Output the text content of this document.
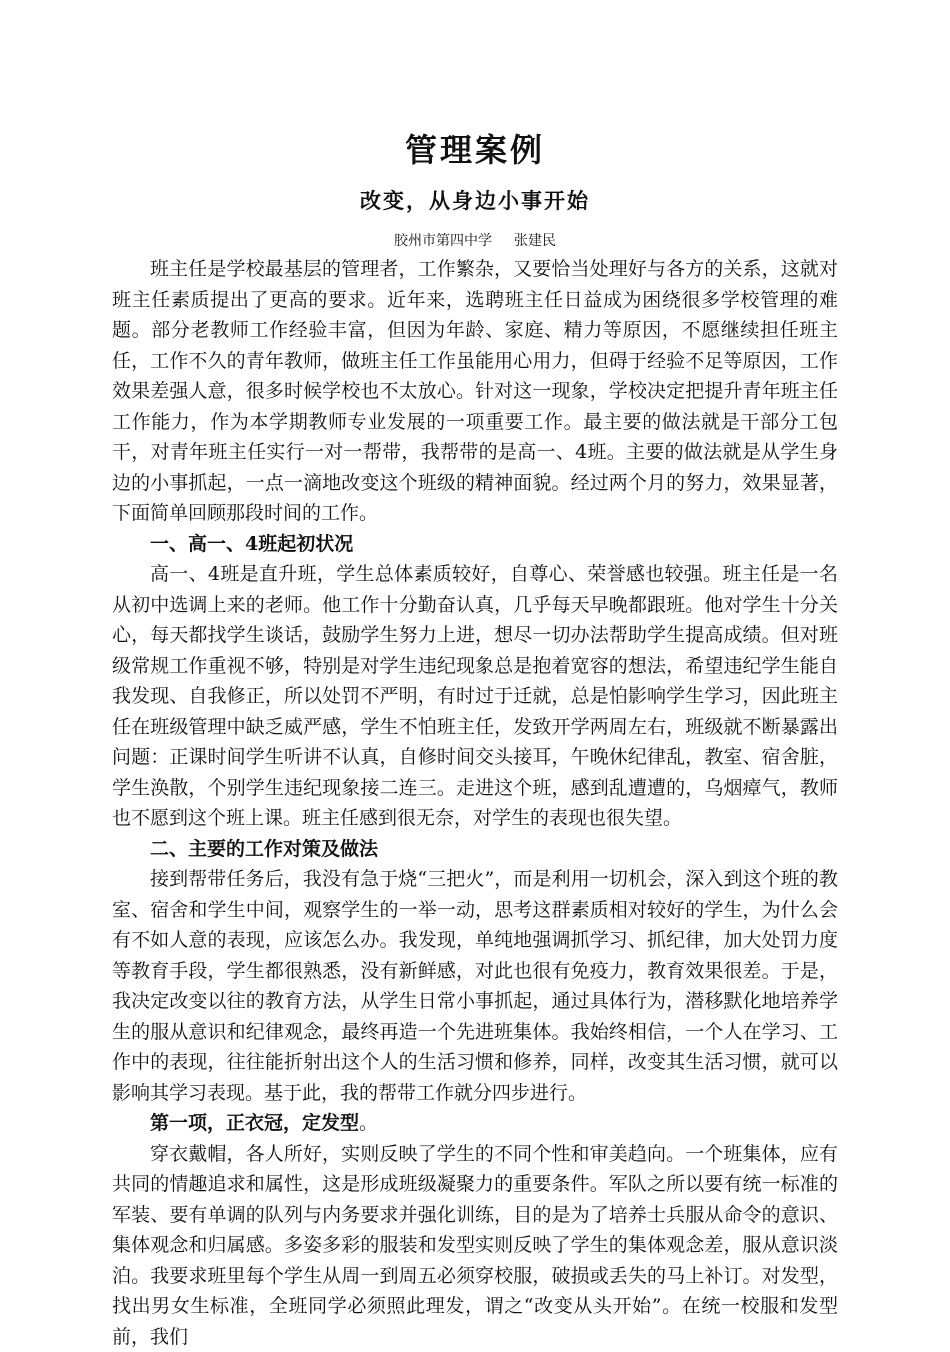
管理案例
改变，从身边小事开始
胶州市第四中学 张建民

班主任是学校最基层的管理者，工作繁杂，又要恰当处理好与各方的关系，这就对班主任素质提出了更高的要求。近年来，选聘班主任日益成为困绕很多学校管理的难题。部分老教师工作经验丰富，但因为年龄、家庭、精力等原因，不愿继续担任班主任，工作不久的青年教师，做班主任工作虽能用心用力，但碍于经验不足等原因，工作效果差强人意，很多时候学校也不太放心。针对这一现象，学校决定把提升青年班主任工作能力，作为本学期教师专业发展的一项重要工作。最主要的做法就是干部分工包干，对青年班主任实行一对一帮带，我帮带的是高一、4班。主要的做法就是从学生身边的小事抓起，一点一滴地改变这个班级的精神面貌。经过两个月的努力，效果显著，下面简单回顾那段时间的工作。

一、高一、4班起初状况

高一、4班是直升班，学生总体素质较好，自尊心、荣誉感也较强。班主任是一名从初中选调上来的老师。他工作十分勤奋认真，几乎每天早晚都跟班。他对学生十分关心，每天都找学生谈话，鼓励学生努力上进，想尽一切办法帮助学生提高成绩。但对班级常规工作重视不够，特别是对学生违纪现象总是抱着宽容的想法，希望违纪学生能自我发现、自我修正，所以处罚不严明，有时过于迁就，总是怕影响学生学习，因此班主任在班级管理中缺乏威严感，学生不怕班主任，发致开学两周左右，班级就不断暴露出问题：正课时间学生听讲不认真，自修时间交头接耳，午晚休纪律乱，教室、宿舍脏，学生涣散，个别学生违纪现象接二连三。走进这个班，感到乱遭遭的，乌烟瘴气，教师也不愿到这个班上课。班主任感到很无奈，对学生的表现也很失望。

二、主要的工作对策及做法

接到帮带任务后，我没有急于烧“三把火”，而是利用一切机会，深入到这个班的教室、宿舍和学生中间，观察学生的一举一动，思考这群素质相对较好的学生，为什么会有不如人意的表现，应该怎么办。我发现，单纯地强调抓学习、抓纪律，加大处罚力度等教育手段，学生都很熟悉，没有新鲜感，对此也很有免疫力，教育效果很差。于是，我决定改变以往的教育方法，从学生日常小事抓起，通过具体行为，潜移默化地培养学生的服从意识和纪律观念，最终再造一个先进班集体。我始终相信，一个人在学习、工作中的表现，往往能折射出这个人的生活习惯和修养，同样，改变其生活习惯，就可以影响其学习表现。基于此，我的帮带工作就分四步进行。

第一项，正衣冠，定发型。

穿衣戴帽，各人所好，实则反映了学生的不同个性和审美趋向。一个班集体，应有共同的情趣追求和属性，这是形成班级凝聚力的重要条件。军队之所以要有统一标准的军装、要有单调的队列与内务要求并强化训练，目的是为了培养士兵服从命令的意识、集体观念和归属感。多姿多彩的服装和发型实则反映了学生的集体观念差，服从意识淡泊。我要求班里每个学生从周一到周五必须穿校服，破损或丢失的马上补订。对发型，找出男女生标准，全班同学必须照此理发，谓之“改变从头开始”。在统一校服和发型前，我们
